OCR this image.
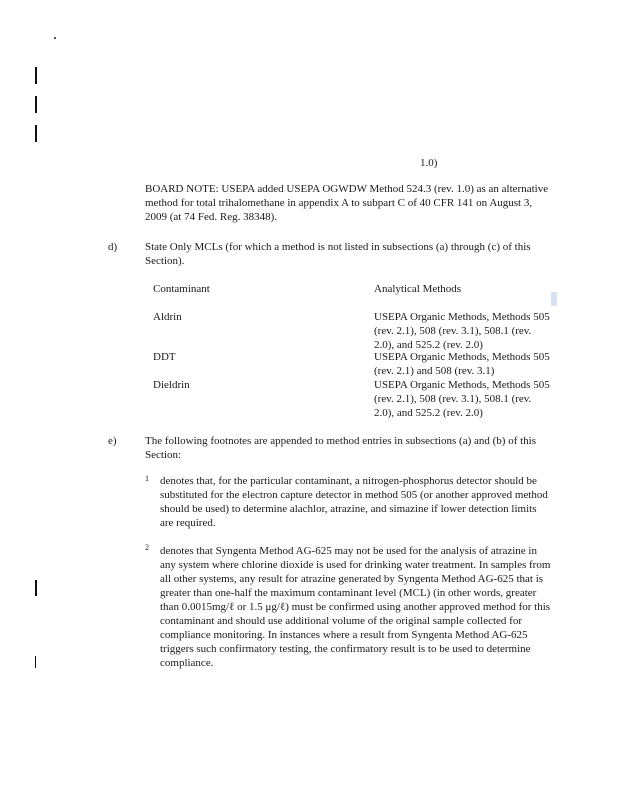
1.0)
BOARD NOTE: USEPA added USEPA OGWDW Method 524.3 (rev. 1.0) as an alternative method for total trihalomethane in appendix A to subpart C of 40 CFR 141 on August 3, 2009 (at 74 Fed. Reg. 38348).
d)	State Only MCLs (for which a method is not listed in subsections (a) through (c) of this Section).
Contaminant	Analytical Methods
Aldrin	USEPA Organic Methods, Methods 505 (rev. 2.1), 508 (rev. 3.1), 508.1 (rev. 2.0), and 525.2 (rev. 2.0)
DDT	USEPA Organic Methods, Methods 505 (rev. 2.1) and 508 (rev. 3.1)
Dieldrin	USEPA Organic Methods, Methods 505 (rev. 2.1), 508 (rev. 3.1), 508.1 (rev. 2.0), and 525.2 (rev. 2.0)
e)	The following footnotes are appended to method entries in subsections (a) and (b) of this Section:
1 denotes that, for the particular contaminant, a nitrogen-phosphorus detector should be substituted for the electron capture detector in method 505 (or another approved method should be used) to determine alachlor, atrazine, and simazine if lower detection limits are required.
2 denotes that Syngenta Method AG-625 may not be used for the analysis of atrazine in any system where chlorine dioxide is used for drinking water treatment. In samples from all other systems, any result for atrazine generated by Syngenta Method AG-625 that is greater than one-half the maximum contaminant level (MCL) (in other words, greater than 0.0015mg/ℓ or 1.5 μg/ℓ) must be confirmed using another approved method for this contaminant and should use additional volume of the original sample collected for compliance monitoring. In instances where a result from Syngenta Method AG-625 triggers such confirmatory testing, the confirmatory result is to be used to determine compliance.
